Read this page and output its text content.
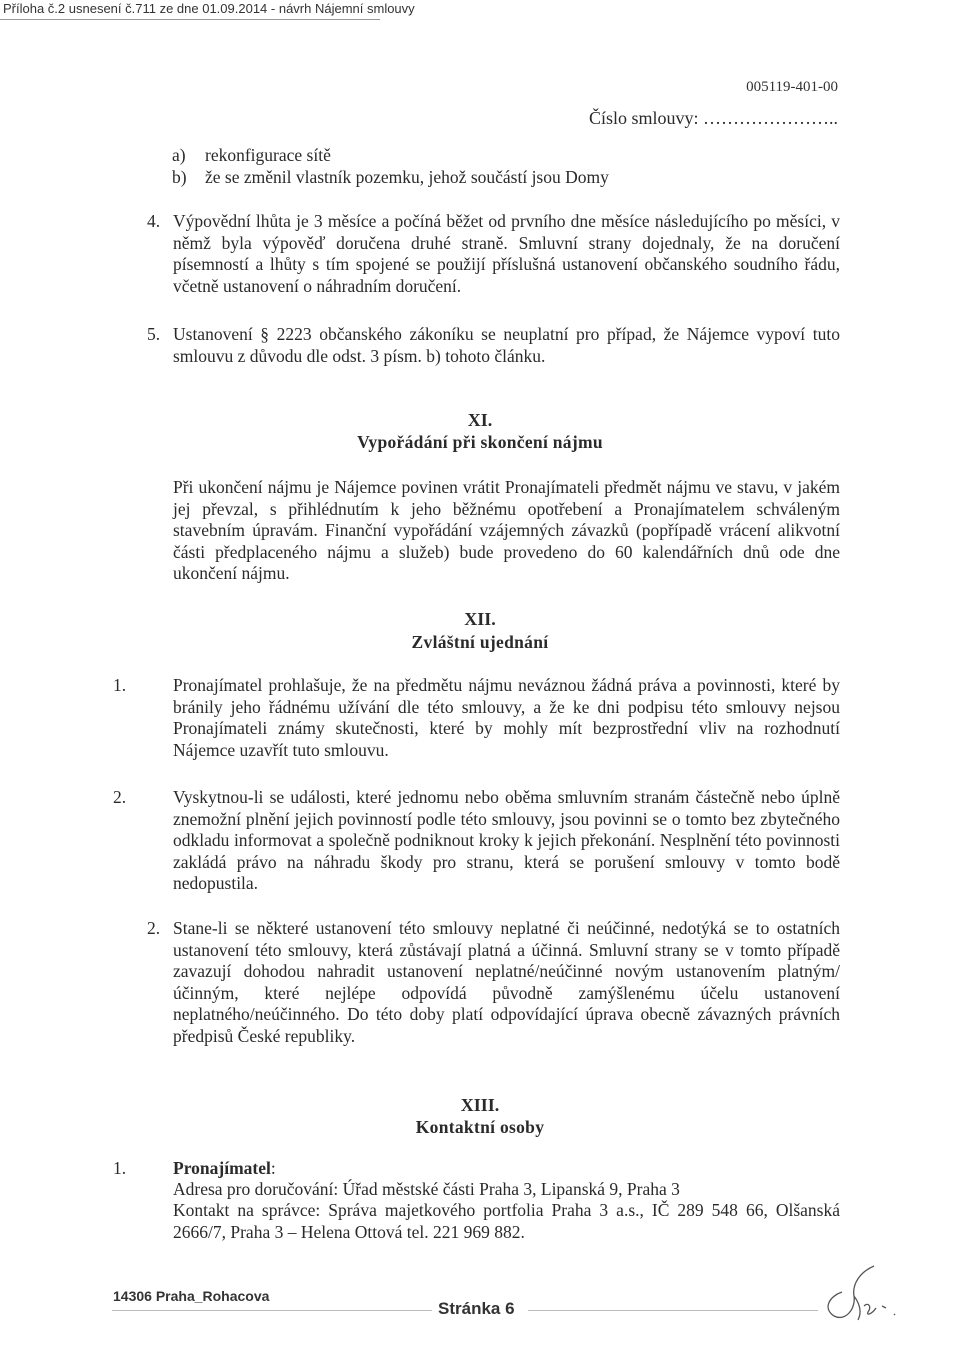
Příloha č.2 usnesení č.711 ze dne 01.09.2014 - návrh Nájemní smlouvy
005119-401-00
Číslo smlouvy: …………………..
a) rekonfigurace sítě
b) že se změnil vlastník pozemku, jehož součástí jsou Domy
4. Výpovědní lhůta je 3 měsíce a počíná běžet od prvního dne měsíce následujícího po měsíci, v němž byla výpověď doručena druhé straně. Smluvní strany dojednaly, že na doručení písemností a lhůty s tím spojené se použijí příslušná ustanovení občanského soudního řádu, včetně ustanovení o náhradním doručení.

5. Ustanovení § 2223 občanského zákoníku se neuplatní pro případ, že Nájemce vypoví tuto smlouvu z důvodu dle odst. 3 písm. b) tohoto článku.

XI.
Vypořádání při skončení nájmu

Při ukončení nájmu je Nájemce povinen vrátit Pronajímateli předmět nájmu ve stavu, v jakém jej převzal, s přihlédnutím k jeho běžnému opotřebení a Pronajímatelem schváleným stavebním úpravám. Finanční vypořádání vzájemných závazků (popřípadě vrácení alikvotní části předplaceného nájmu a služeb) bude provedeno do 60 kalendářních dnů ode dne ukončení nájmu.

XII.
Zvláštní ujednání
1.	Pronajímatel prohlašuje, že na předmětu nájmu neváznou žádná práva a povinnosti, které by bránily jeho řádnému užívání dle této smlouvy, a že ke dni podpisu této smlouvy nejsou Pronajímateli známy skutečnosti, které by mohly mít bezprostřední vliv na rozhodnutí Nájemce uzavřít tuto smlouvu.

2.	Vyskytnou-li se události, které jednomu nebo oběma smluvním stranám částečně nebo úplně znemožní plnění jejich povinností podle této smlouvy, jsou povinni se o tomto bez zbytečného odkladu informovat a společně podniknout kroky k jejich překonání. Nesplnění této povinnosti zakládá právo na náhradu škody pro stranu, která se porušení smlouvy v tomto bodě nedopustila.

2. Stane-li se některé ustanovení této smlouvy neplatné či neúčinné, nedotýká se to ostatních ustanovení této smlouvy, která zůstávají platná a účinná. Smluvní strany se v tomto případě zavazují dohodou nahradit ustanovení neplatné/neúčinné novým ustanovením platným/účinným, které nejlépe odpovídá původně zamýšlenému účelu ustanovení neplatného/neúčinného. Do této doby platí odpovídající úprava obecně závazných právních předpisů České republiky.

XIII.
Kontaktní osoby
1.	Pronajímatel:

Adresa pro doručování: Úřad městské části Praha 3, Lipanská 9, Praha 3

Kontakt na správce: Správa majetkového portfolia Praha 3 a.s., IČ 289 548 66, Olšanská 2666/7, Praha 3 – Helena Ottová tel. 221 969 882.

14306 Praha_Rohacova
Stránka 6
